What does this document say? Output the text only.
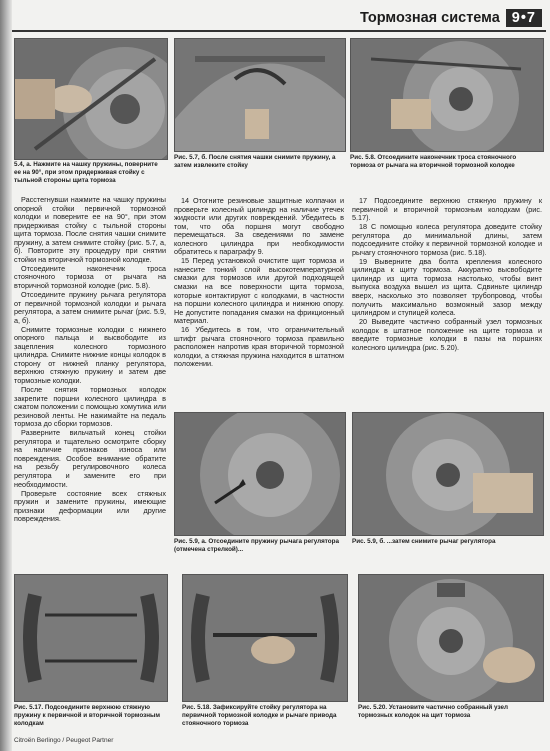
Тормозная система 9•7
5.4, а. Нажмите на чашку пружины, поверните ее на 90°, при этом придерживая стойку с тыльной стороны щита тормоза
Рис. 5.7, б. После снятия чашки снимите пружину, а затем извлеките стойку
Рис. 5.8. Отсоедините наконечник троса стояночного тормоза от рычага на вторичной тормозной колодке

Расстегнувши нажмите на чашку пружины опорной стойки первичной тормозной колодки и поверните ее на 90°, при этом придерживая стойку с тыльной стороны щита тормоза. После снятия чашки снимите пружину, а затем снимите стойку (рис. 5.7, а, б). Повторите эту процедуру при снятии стойки на вторичной тормозной колодке.

Отсоедините наконечник троса стояночного тормоза от рычага на вторичной тормозной колодке (рис. 5.8).

Отсоедините пружину рычага регулятора от первичной тормозной колодки и рычага регулятора, а затем снимите рычаг (рис. 5.9, а, б).

Снимите тормозные колодки с нижнего опорного пальца и высвободите из зацепления колесного тормозного цилиндра. Снимите нижние концы колодок в сторону от нижней планку регулятора, верхнюю стяжную пружину и затем две тормозные колодки.

После снятия тормозных колодок закрепите поршни колесного цилиндра в сжатом положении с помощью хомутика или резиновой ленты. Не нажимайте на педаль тормоза до сборки тормозов.

Разверните вильчатый конец стойки регулятора и тщательно осмотрите сборку на наличие признаков износа или повреждения. Особое внимание обратите на резьбу регулировочного колеса регулятора и замените его при необходимости.

Проверьте состояние всех стяжных пружин и замените пружины, имеющие признаки деформации или другие повреждения.

14 Отогните резиновые защитные колпачки и проверьте колесный цилиндр на наличие утечек жидкости или других повреждений. Убедитесь в том, что оба поршня могут свободно перемещаться. За сведениями по замене колесного цилиндра при необходимости обратитесь к параграфу 9.

15 Перед установкой очистите щит тормоза и нанесите тонкий слой высокотемпературной смазки для тормозов или другой подходящей смазки на все поверхности щита тормоза, которые контактируют с колодками, в частности на поршни колесного цилиндра и нижнюю опору. Не допустите попадания смазки на фрикционный материал.

16 Убедитесь в том, что ограничительный штифт рычага стояночного тормоза правильно расположен напротив края вторичной тормозной колодки, а стяжная пружина находится в штатном положении.

17 Подсоедините верхнюю стяжную пружину к первичной и вторичной тормозным колодкам (рис. 5.17).

18 С помощью колеса регулятора доведите стойку регулятора до минимальной длины, затем подсоедините стойку к первичной тормозной колодке и рычагу стояночного тормоза (рис. 5.18).

19 Выверните два болта крепления колесного цилиндра к щиту тормоза. Аккуратно высвободите цилиндр из щита тормоза настолько, чтобы винт выпуска воздуха вышел из щита. Сдвиньте цилиндр вверх, насколько это позволяет трубопровод, чтобы получить максимально возможный зазор между цилиндром и ступицей колеса.

20 Выведите частично собранный узел тормозных колодок в штатное положение на щите тормоза и введите тормозные колодки в пазы на поршнях колесного цилиндра (рис. 5.20).

Рис. 5.9, а. Отсоедините пружину рычага регулятора (отмечена стрелкой)...
Рис. 5.9, б. ...затем снимите рычаг регулятора
Рис. 5.17. Подсоедините верхнюю стяжную пружину к первичной и вторичной тормозным колодкам
Рис. 5.18. Зафиксируйте стойку регулятора на первичной тормозной колодке и рычаге привода стояночного тормоза
Рис. 5.20. Установите частично собранный узел тормозных колодок на щит тормоза
Citroën Berlingo / Peugeot Partner
